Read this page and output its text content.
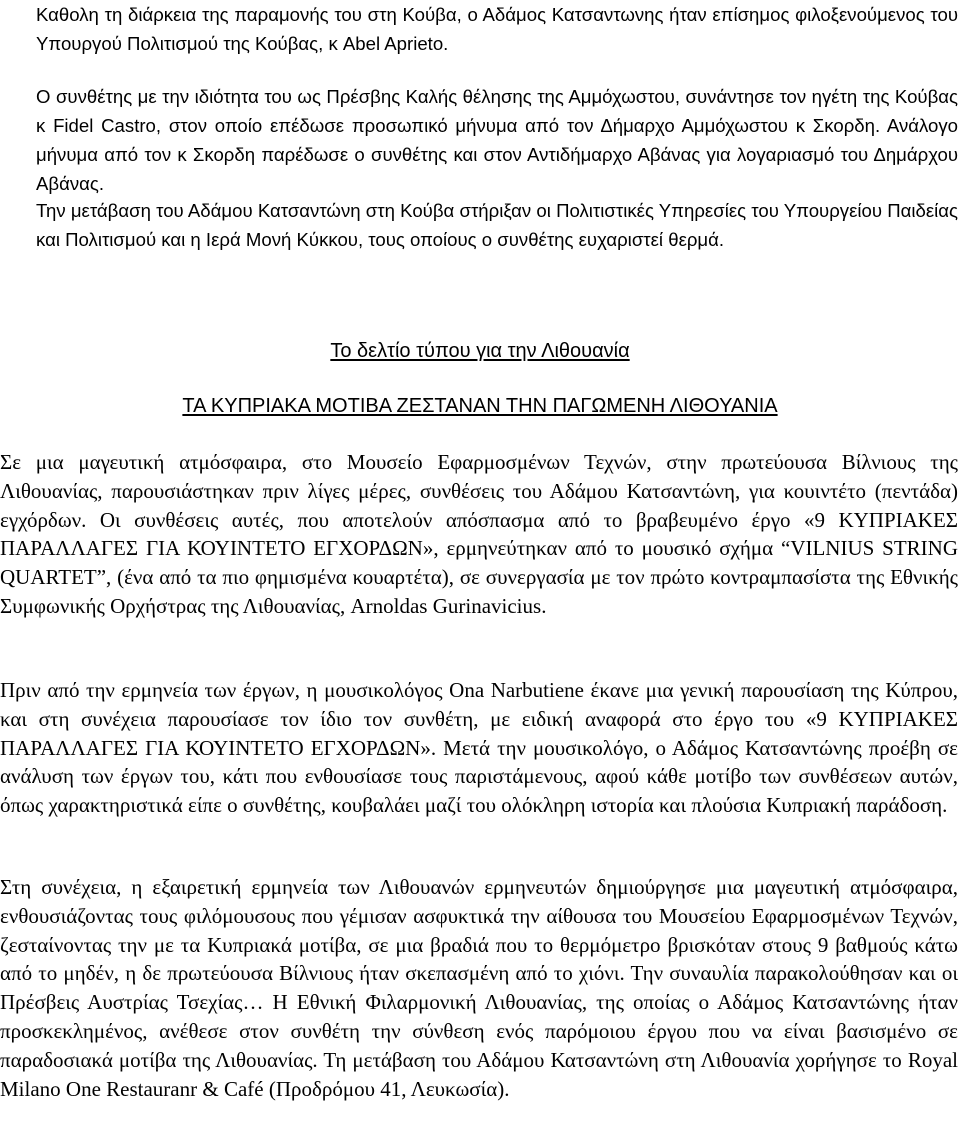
Καθολη τη διάρκεια της παραμονής του στη Κούβα, ο Αδάμος Κατσαντωνης ήταν επίσημος φιλοξενούμενος του Υπουργού Πολιτισμού της Κούβας, κ Abel Aprieto.

Ο συνθέτης με την ιδιότητα του ως Πρέσβης Καλής θέλησης της Αμμόχωστου, συνάντησε τον ηγέτη της Κούβας κ Fidel Castro, στον οποίο επέδωσε προσωπικό μήνυμα από τον Δήμαρχο Αμμόχωστου κ Σκορδη. Ανάλογο μήνυμα από τον κ Σκορδη παρέδωσε ο συνθέτης και στον Αντιδήμαρχο Αβάνας για λογαριασμό του Δημάρχου Αβάνας.

Την μετάβαση του Αδάμου Κατσαντώνη στη Κούβα στήριξαν οι Πολιτιστικές Υπηρεσίες του Υπουργείου Παιδείας και Πολιτισμού και η Ιερά Μονή Κύκκου, τους οποίους ο συνθέτης ευχαριστεί θερμά.

Το δελτίο τύπου για την Λιθουανία
ΤΑ ΚΥΠΡΙΑΚΑ ΜΟΤΙΒΑ ΖΕΣΤΑΝΑΝ ΤΗΝ ΠΑΓΩΜΕΝΗ ΛΙΘΟΥΑΝΙΑ

Σε μια μαγευτική ατμόσφαιρα, στο Μουσείο Εφαρμοσμένων Τεχνών, στην πρωτεύουσα Βίλνιους της Λιθουανίας, παρουσιάστηκαν πριν λίγες μέρες, συνθέσεις του Αδάμου Κατσαντώνη, για κουιντέτο (πεντάδα) εγχόρδων. Οι συνθέσεις αυτές, που αποτελούν απόσπασμα από το βραβευμένο έργο «9 ΚΥΠΡΙΑΚΕΣ ΠΑΡΑΛΛΑΓΕΣ ΓΙΑ ΚΟΥΙΝΤΕΤΟ ΕΓΧΟΡΔΩΝ», ερμηνεύτηκαν από το μουσικό σχήμα “VILNIUS STRING QUARTET”, (ένα από τα πιο φημισμένα κουαρτέτα), σε συνεργασία με τον πρώτο κοντραμπασίστα της Εθνικής Συμφωνικής Ορχήστρας της Λιθουανίας, Arnoldas Gurinavicius.

Πριν από την ερμηνεία των έργων, η μουσικολόγος Ona Narbutiene έκανε μια γενική παρουσίαση της Κύπρου, και στη συνέχεια παρουσίασε τον ίδιο τον συνθέτη, με ειδική αναφορά στο έργο του «9 ΚΥΠΡΙΑΚΕΣ ΠΑΡΑΛΛΑΓΕΣ ΓΙΑ ΚΟΥΙΝΤΕΤΟ ΕΓΧΟΡΔΩΝ». Μετά την μουσικολόγο, ο Αδάμος Κατσαντώνης προέβη σε ανάλυση των έργων του, κάτι που ενθουσίασε τους παριστάμενους, αφού κάθε μοτίβο των συνθέσεων αυτών, όπως χαρακτηριστικά είπε ο συνθέτης, κουβαλάει μαζί του ολόκληρη ιστορία και πλούσια Κυπριακή παράδοση.

Στη συνέχεια, η εξαιρετική ερμηνεία των Λιθουανών ερμηνευτών δημιούργησε μια μαγευτική ατμόσφαιρα, ενθουσιάζοντας τους φιλόμουσους που γέμισαν ασφυκτικά την αίθουσα του Μουσείου Εφαρμοσμένων Τεχνών, ζεσταίνοντας την με τα Κυπριακά μοτίβα, σε μια βραδιά που το θερμόμετρο βρισκόταν στους 9 βαθμούς κάτω από το μηδέν, η δε πρωτεύουσα Βίλνιους ήταν σκεπασμένη από το χιόνι. Την συναυλία παρακολούθησαν και οι Πρέσβεις Αυστρίας Τσεχίας… Η Εθνική Φιλαρμονική Λιθουανίας, της οποίας ο Αδάμος Κατσαντώνης ήταν προσκεκλημένος, ανέθεσε στον συνθέτη την σύνθεση ενός παρόμοιου έργου που να είναι βασισμένο σε παραδοσιακά μοτίβα της Λιθουανίας. Τη μετάβαση του Αδάμου Κατσαντώνη στη Λιθουανία χορήγησε το Royal Milano One Restauranr & Café (Προδρόμου 41, Λευκωσία).
